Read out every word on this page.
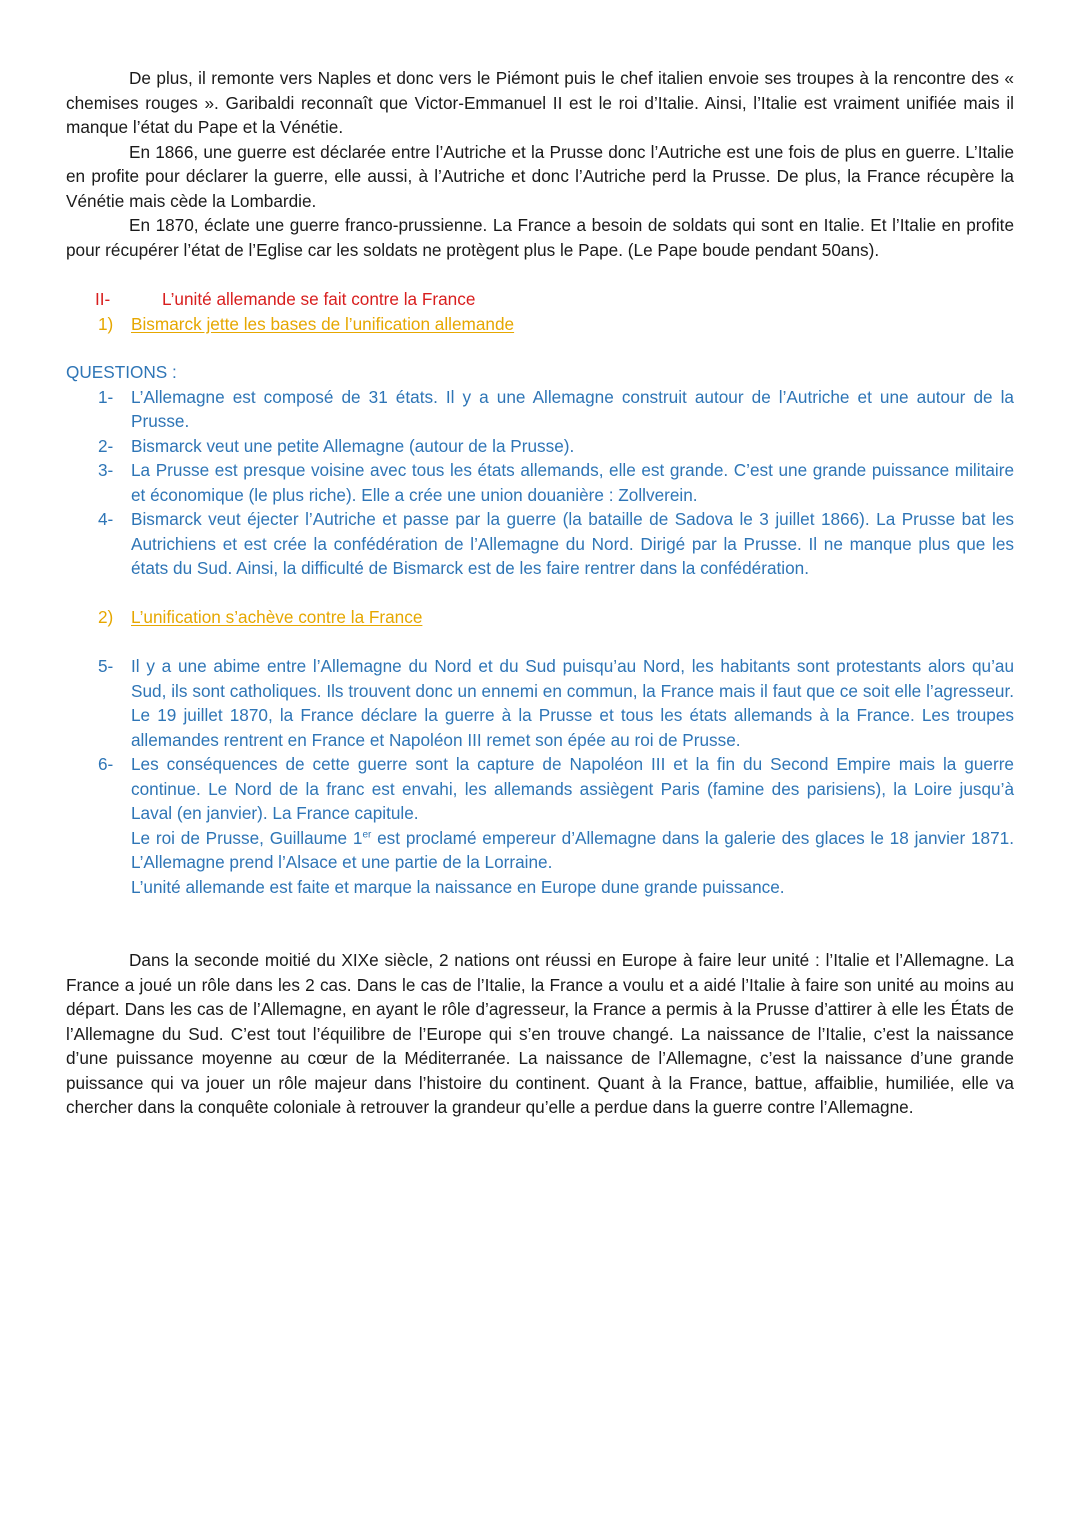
De plus, il remonte vers Naples et donc vers le Piémont puis le chef italien envoie ses troupes à la rencontre des « chemises rouges ». Garibaldi reconnaît que Victor-Emmanuel II est le roi d’Italie. Ainsi, l’Italie est vraiment unifiée mais il manque l’état du Pape et la Vénétie.

En 1866, une guerre est déclarée entre l’Autriche et la Prusse donc l’Autriche est une fois de plus en guerre. L’Italie en profite pour déclarer la guerre, elle aussi, à l’Autriche et donc l’Autriche perd la Prusse. De plus, la France récupère la Vénétie mais cède la Lombardie.

En 1870, éclate une guerre franco-prussienne. La France a besoin de soldats qui sont en Italie. Et l’Italie en profite pour récupérer l’état de l’Eglise car les soldats ne protègent plus le Pape. (Le Pape boude pendant 50ans).

II-	L’unité allemande se fait contre la France
1)	Bismarck jette les bases de l’unification allemande
QUESTIONS :
1-	L’Allemagne est composé de 31 états. Il y a une Allemagne construit autour de l’Autriche et une autour de la Prusse.
2-	Bismarck veut une petite Allemagne (autour de la Prusse).
3-	La Prusse est presque voisine avec tous les états allemands, elle est grande. C’est une grande puissance militaire et économique (le plus riche). Elle a crée une union douanière : Zollverein.
4-	Bismarck veut éjecter l’Autriche et passe par la guerre (la bataille de Sadova le 3 juillet 1866). La Prusse bat les Autrichiens et est crée la confédération de l’Allemagne du Nord. Dirigé par la Prusse. Il ne manque plus que les états du Sud. Ainsi, la difficulté de Bismarck est de les faire rentrer dans la confédération.
2)	L’unification s’achève contre la France
5-	Il y a une abime entre l’Allemagne du Nord et du Sud puisqu’au Nord, les habitants sont protestants alors qu’au Sud, ils sont catholiques. Ils trouvent donc un ennemi en commun, la France mais il faut que ce soit elle l’agresseur. Le 19 juillet 1870, la France déclare la guerre à la Prusse et tous les états allemands à la France. Les troupes allemandes rentrent en France et Napoléon III remet son épée au roi de Prusse.
6-	Les conséquences de cette guerre sont la capture de Napoléon III et la fin du Second Empire mais la guerre continue. Le Nord de la franc est envahi, les allemands assiègent Paris (famine des parisiens), la Loire jusqu’à Laval (en janvier). La France capitule.
Le roi de Prusse, Guillaume 1er est proclamé empereur d’Allemagne dans la galerie des glaces le 18 janvier 1871. L’Allemagne prend l’Alsace et une partie de la Lorraine.
L’unité allemande est faite et marque la naissance en Europe dune grande puissance.

Dans la seconde moitié du XIXe siècle, 2 nations ont réussi en Europe à faire leur unité : l’Italie et l’Allemagne. La France a joué un rôle dans les 2 cas. Dans le cas de l’Italie, la France a voulu et a aidé l’Italie à faire son unité au moins au départ. Dans les cas de l’Allemagne, en ayant le rôle d’agresseur, la France a permis à la Prusse d’attirer à elle les États de l’Allemagne du Sud. C’est tout l’équilibre de l’Europe qui s’en trouve changé. La naissance de l’Italie, c’est la naissance d’une puissance moyenne au cœur de la Méditerranée. La naissance de l’Allemagne, c’est la naissance d’une grande puissance qui va jouer un rôle majeur dans l’histoire du continent. Quant à la France, battue, affaiblie, humiliée, elle va chercher dans la conquête coloniale à retrouver la grandeur qu’elle a perdue dans la guerre contre l’Allemagne.
